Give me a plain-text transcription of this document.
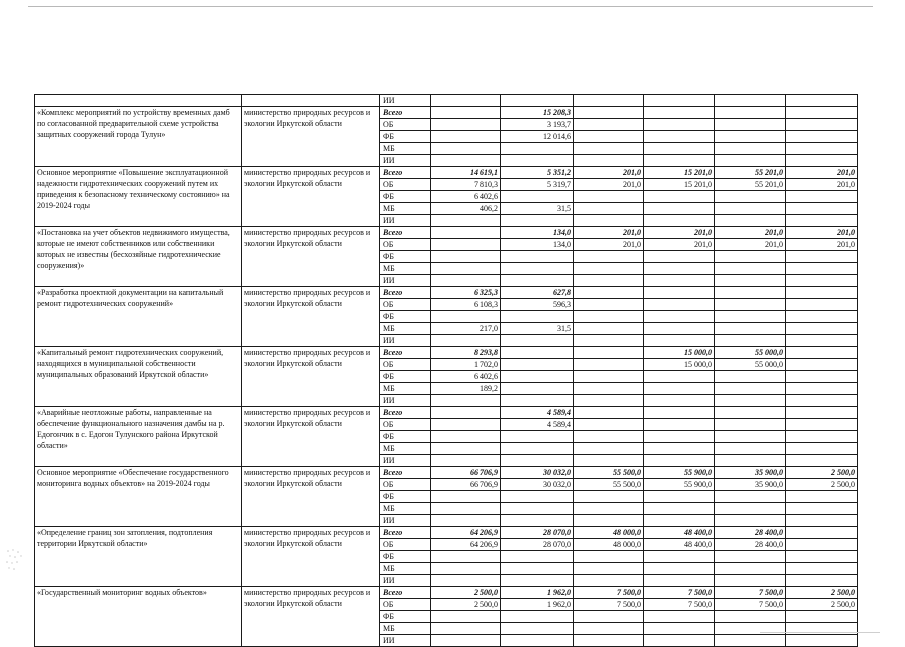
		ИИ						
«Комплекс мероприятий по устройству временных дамб по согласованной предварительной схеме устройства защитных сооружений города Тулун»	министерство природных ресурсов и экологии Иркутской области	Всего		15 208,3				
		ОБ		3 193,7				
		ФБ		12 014,6				
		МБ						
		ИИ						
Основное мероприятие «Повышение эксплуатационной надежности гидротехнических сооружений путем их приведения к безопасному техническому состоянию» на 2019-2024 годы	министерство природных ресурсов и экологии Иркутской области	Всего	14 619,1	5 351,2	201,0	15 201,0	55 201,0	201,0
		ОБ	7 810,3	5 319,7	201,0	15 201,0	55 201,0	201,0
		ФБ	6 402,6					
		МБ	406,2	31,5				
		ИИ						
«Постановка на учет объектов недвижимого имущества, которые не имеют собственников или собственники которых не известны (бесхозяйные гидротехнические сооружения)»	министерство природных ресурсов и экологии Иркутской области	Всего		134,0	201,0	201,0	201,0	201,0
		ОБ		134,0	201,0	201,0	201,0	201,0
		ФБ						
		МБ						
		ИИ						
«Разработка проектной документации на капитальный ремонт гидротехнических сооружений»	министерство природных ресурсов и экологии Иркутской области	Всего	6 325,3	627,8				
		ОБ	6 108,3	596,3				
		ФБ						
		МБ	217,0	31,5				
		ИИ						
«Капитальный ремонт гидротехнических сооружений, находящихся в муниципальной собственности муниципальных образований Иркутской области»	министерство природных ресурсов и экологии Иркутской области	Всего	8 293,8			15 000,0	55 000,0	
		ОБ	1 702,0			15 000,0	55 000,0	
		ФБ	6 402,6					
		МБ	189,2					
		ИИ						
«Аварийные неотложные работы, направленные на обеспечение функционального назначения дамбы на р. Едогончик в с. Едогон Тулунского района Иркутской области»	министерство природных ресурсов и экологии Иркутской области	Всего		4 589,4				
		ОБ		4 589,4				
		ФБ						
		МБ						
		ИИ						
Основное мероприятие «Обеспечение государственного мониторинга водных объектов» на 2019-2024 годы	министерство природных ресурсов и экологии Иркутской области	Всего	66 706,9	30 032,0	55 500,0	55 900,0	35 900,0	2 500,0
		ОБ	66 706,9	30 032,0	55 500,0	55 900,0	35 900,0	2 500,0
		ФБ						
		МБ						
		ИИ						
«Определение границ зон затопления, подтопления территории Иркутской области»	министерство природных ресурсов и экологии Иркутской области	Всего	64 206,9	28 070,0	48 000,0	48 400,0	28 400,0	
		ОБ	64 206,9	28 070,0	48 000,0	48 400,0	28 400,0	
		ФБ						
		МБ						
		ИИ						
«Государственный мониторинг водных объектов»	министерство природных ресурсов и экологии Иркутской области	Всего	2 500,0	1 962,0	7 500,0	7 500,0	7 500,0	2 500,0
		ОБ	2 500,0	1 962,0	7 500,0	7 500,0	7 500,0	2 500,0
		ФБ						
		МБ						
		ИИ						
